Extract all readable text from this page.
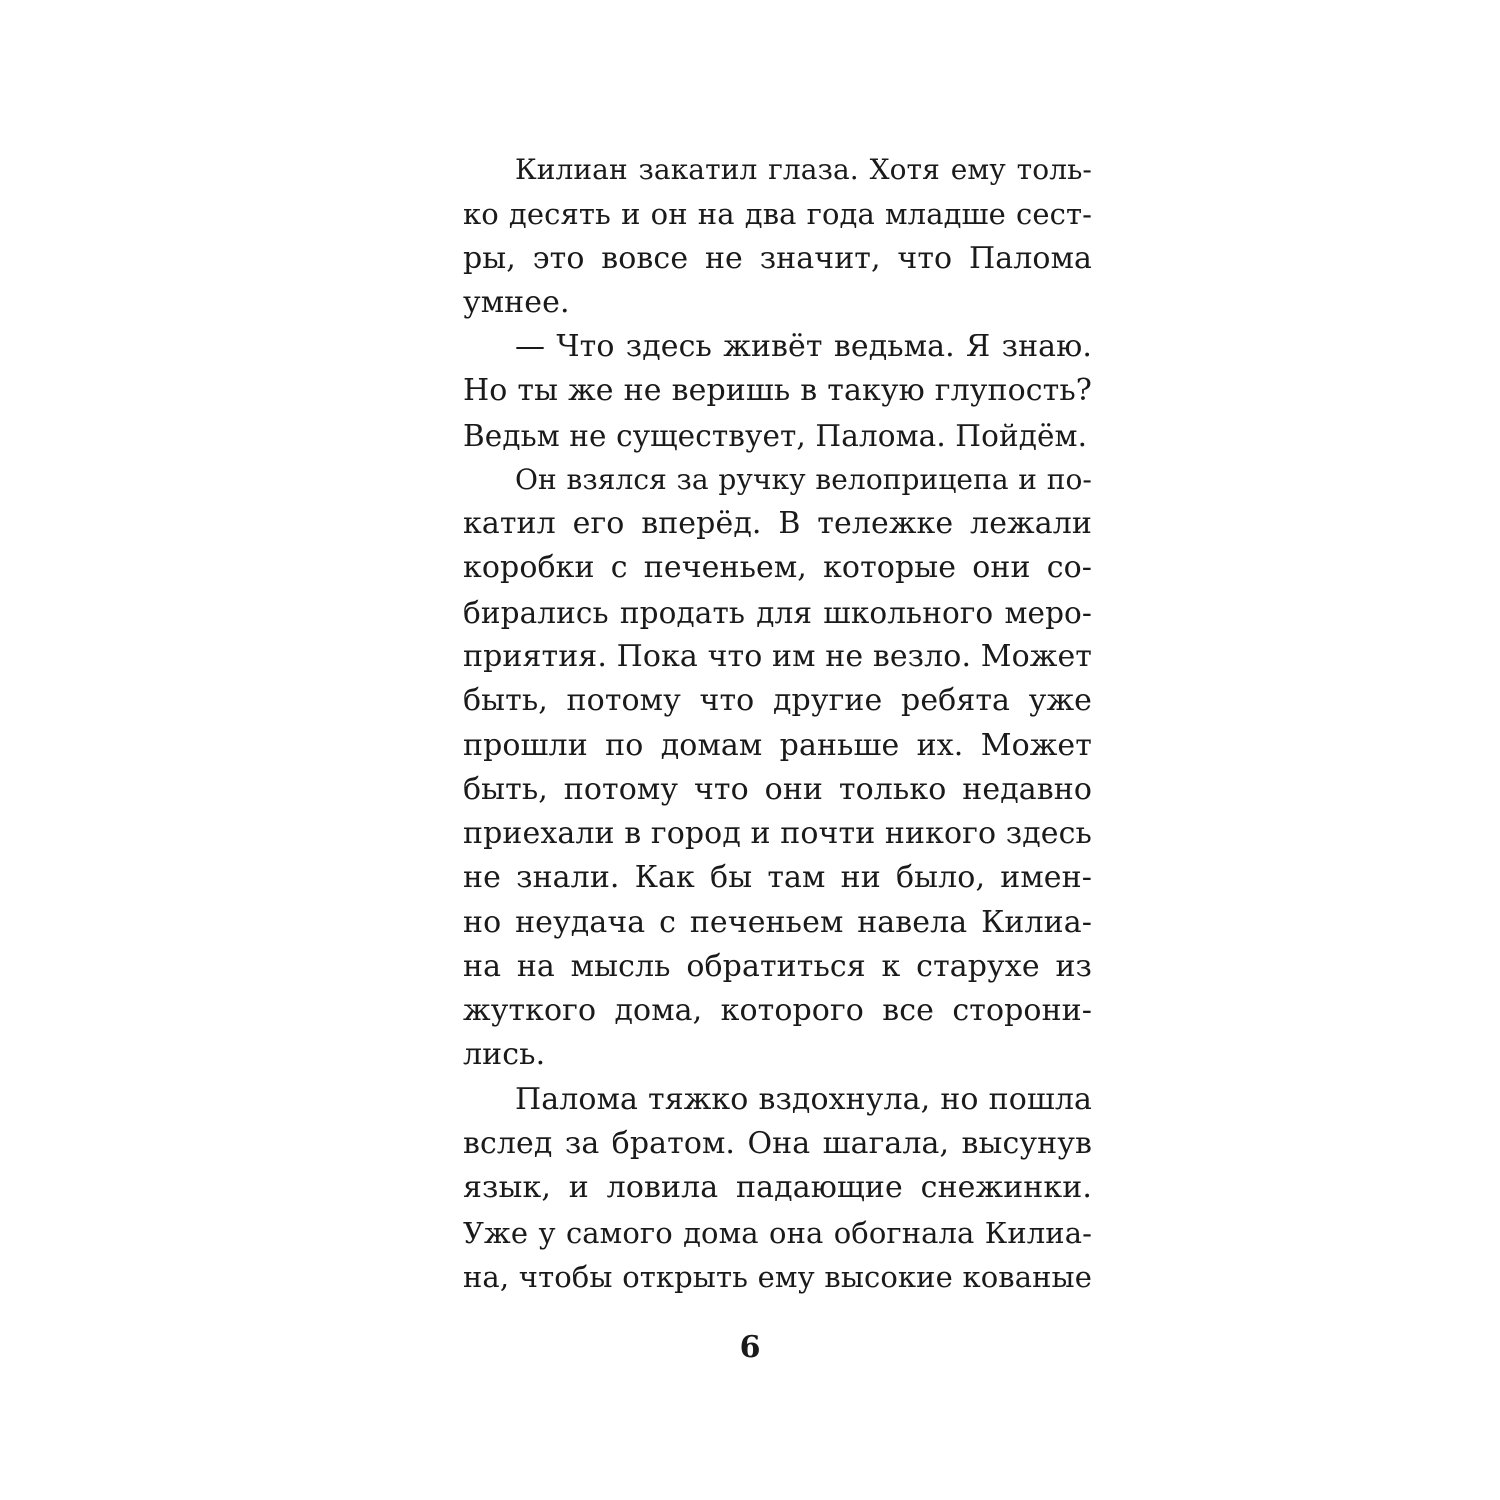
Килиан закатил глаза. Хотя ему толь-
ко десять и он на два года младше сест-
ры, это вовсе не значит, что Палома
умнее.
— Что здесь живёт ведьма. Я знаю.
Но ты же не веришь в такую глупость?
Ведьм не существует, Палома. Пойдём.
Он взялся за ручку велоприцепа и по-
катил его вперёд. В тележке лежали
коробки с печеньем, которые они со-
бирались продать для школьного меро-
приятия. Пока что им не везло. Может
быть, потому что другие ребята уже
прошли по домам раньше их. Может
быть, потому что они только недавно
приехали в город и почти никого здесь
не знали. Как бы там ни было, имен-
но неудача с печеньем навела Килиа-
на на мысль обратиться к старухе из
жуткого дома, которого все сторони-
лись.
Палома тяжко вздохнула, но пошла
вслед за братом. Она шагала, высунув
язык, и ловила падающие снежинки.
Уже у самого дома она обогнала Килиа-
на, чтобы открыть ему высокие кованые
6
